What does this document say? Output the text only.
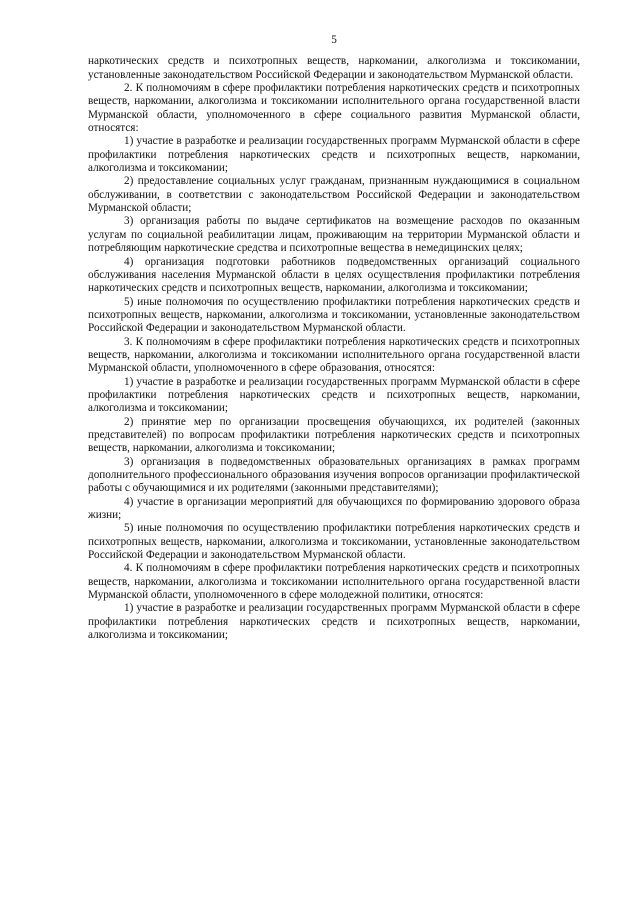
5

наркотических средств и психотропных веществ, наркомании, алкоголизма и токсикомании, установленные законодательством Российской Федерации и законодательством Мурманской области.

2. К полномочиям в сфере профилактики потребления наркотических средств и психотропных веществ, наркомании, алкоголизма и токсикомании исполнительного органа государственной власти Мурманской области, уполномоченного в сфере социального развития Мурманской области, относятся:

1) участие в разработке и реализации государственных программ Мурманской области в сфере профилактики потребления наркотических средств и психотропных веществ, наркомании, алкоголизма и токсикомании;

2) предоставление социальных услуг гражданам, признанным нуждающимися в социальном обслуживании, в соответствии с законодательством Российской Федерации и законодательством Мурманской области;

3) организация работы по выдаче сертификатов на возмещение расходов по оказанным услугам по социальной реабилитации лицам, проживающим на территории Мурманской области и потребляющим наркотические средства и психотропные вещества в немедицинских целях;

4) организация подготовки работников подведомственных организаций социального обслуживания населения Мурманской области в целях осуществления профилактики потребления наркотических средств и психотропных веществ, наркомании, алкоголизма и токсикомании;

5) иные полномочия по осуществлению профилактики потребления наркотических средств и психотропных веществ, наркомании, алкоголизма и токсикомании, установленные законодательством Российской Федерации и законодательством Мурманской области.

3. К полномочиям в сфере профилактики потребления наркотических средств и психотропных веществ, наркомании, алкоголизма и токсикомании исполнительного органа государственной власти Мурманской области, уполномоченного в сфере образования, относятся:

1) участие в разработке и реализации государственных программ Мурманской области в сфере профилактики потребления наркотических средств и психотропных веществ, наркомании, алкоголизма и токсикомании;

2) принятие мер по организации просвещения обучающихся, их родителей (законных представителей) по вопросам профилактики потребления наркотических средств и психотропных веществ, наркомании, алкоголизма и токсикомании;

3) организация в подведомственных образовательных организациях в рамках программ дополнительного профессионального образования изучения вопросов организации профилактической работы с обучающимися и их родителями (законными представителями);

4) участие в организации мероприятий для обучающихся по формированию здорового образа жизни;

5) иные полномочия по осуществлению профилактики потребления наркотических средств и психотропных веществ, наркомании, алкоголизма и токсикомании, установленные законодательством Российской Федерации и законодательством Мурманской области.

4. К полномочиям в сфере профилактики потребления наркотических средств и психотропных веществ, наркомании, алкоголизма и токсикомании исполнительного органа государственной власти Мурманской области, уполномоченного в сфере молодежной политики, относятся:

1) участие в разработке и реализации государственных программ Мурманской области в сфере профилактики потребления наркотических средств и психотропных веществ, наркомании, алкоголизма и токсикомании;
